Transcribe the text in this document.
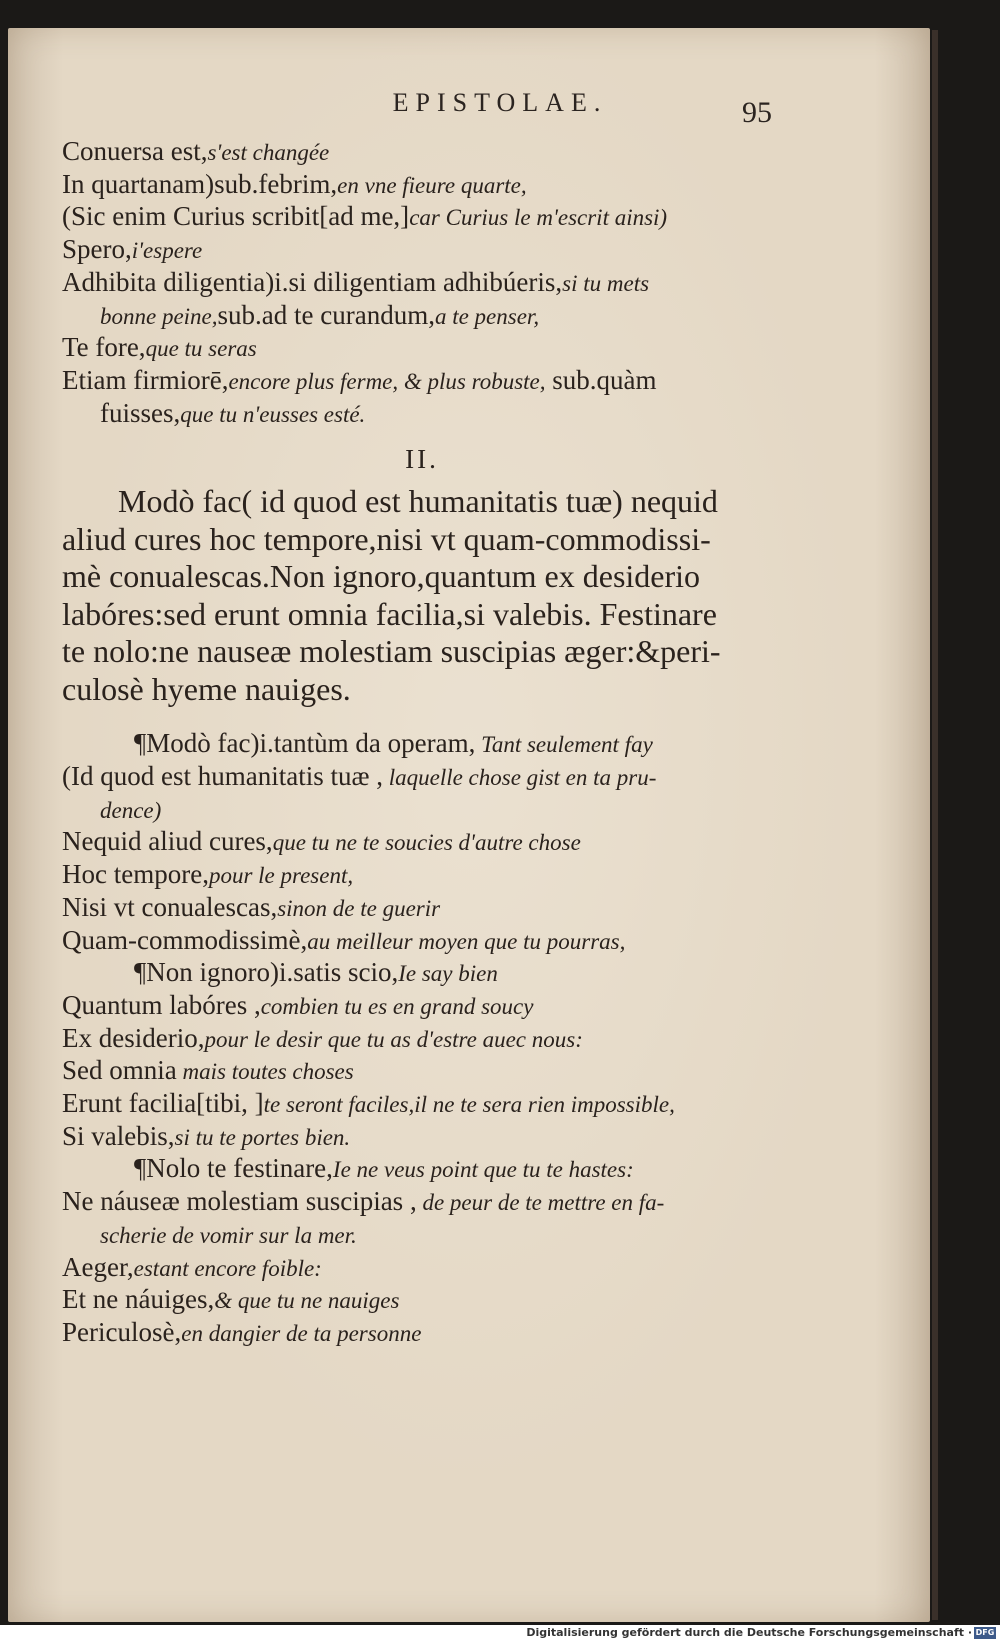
EPISTOLAE.	95
Conuersa est,s'est changée
In quartanam)sub.febrim,en vne fieure quarte,
(Sic enim Curius scribit[ad me,]car Curius le m'escrit ainsi)
Spero,i'espere
Adhibita diligentia)i.si diligentiam adhibúeris,si tu mets
bonne peine,sub.ad te curandum,a te penser,
Te fore,que tu seras
Etiam firmiorē,encore plus ferme, & plus robuste, sub.quàm
fuisses,que tu n'eusses esté.
II.
Modò fac( id quod est humanitatis tuæ) nequid
aliud cures hoc tempore,nisi vt quam-commodissi-
mè conualescas.Non ignoro,quantum ex desiderio
labóres:sed erunt omnia facilia,si valebis. Festinare
te nolo:ne nauseæ molestiam suscipias æger:&peri-
culosè hyeme nauiges.
¶Modò fac)i.tantùm da operam, Tant seulement fay
(Id quod est humanitatis tuæ , laquelle chose gist en ta pru-
dence)
Nequid aliud cures,que tu ne te soucies d'autre chose
Hoc tempore,pour le present,
Nisi vt conualescas,sinon de te guerir
Quam-commodissimè,au meilleur moyen que tu pourras,
¶Non ignoro)i.satis scio,Ie say bien
Quantum labóres ,combien tu es en grand soucy
Ex desiderio,pour le desir que tu as d'estre auec nous:
Sed omnia mais toutes choses
Erunt facilia[tibi, ]te seront faciles,il ne te sera rien impossible,
Si valebis,si tu te portes bien.
¶Nolo te festinare,Ie ne veus point que tu te hastes:
Ne náuseæ molestiam suscipias , de peur de te mettre en fa-
scherie de vomir sur la mer.
Aeger,estant encore foible:
Et ne náuiges,& que tu ne nauiges
Periculosè,en dangier de ta personne
Digitalisierung gefördert durch die Deutsche Forschungsgemeinschaft · DFG
